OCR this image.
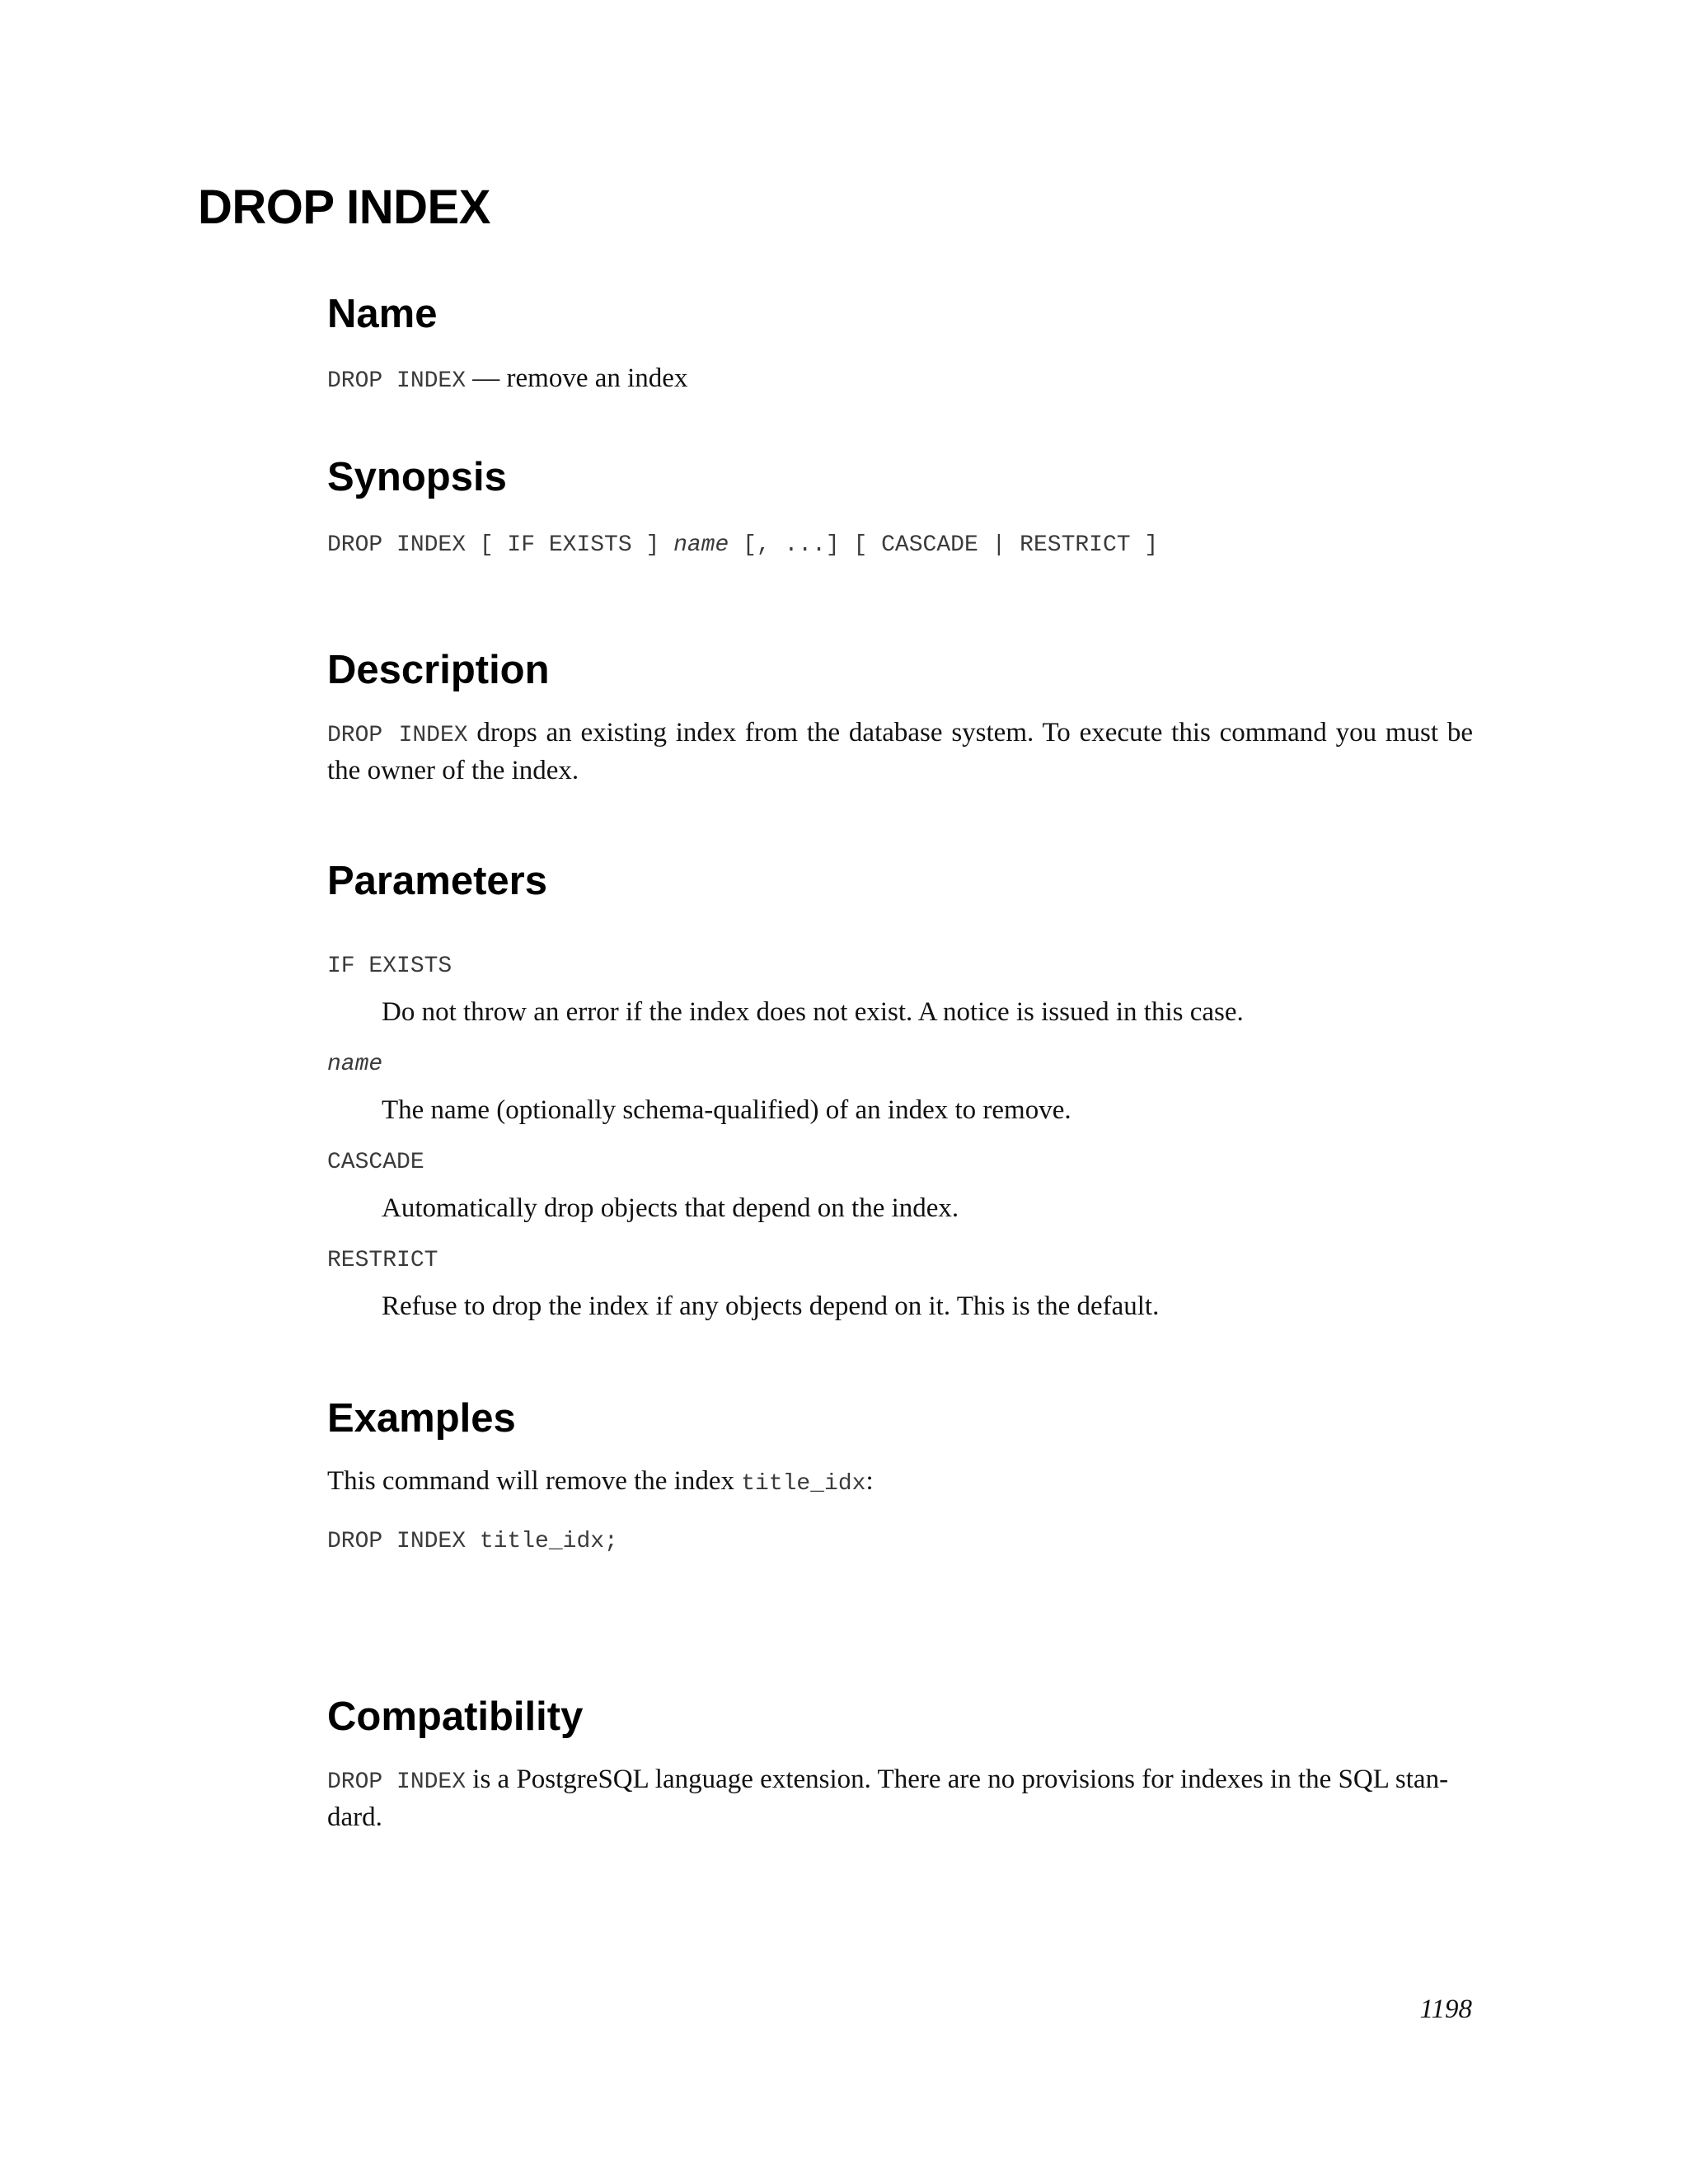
DROP INDEX
Name

DROP INDEX — remove an index

Synopsis

DROP INDEX [ IF EXISTS ] name [, ...] [ CASCADE | RESTRICT ]

Description

DROP INDEX drops an existing index from the database system. To execute this command you must be the owner of the index.

Parameters
IF EXISTS
Do not throw an error if the index does not exist. A notice is issued in this case.
name
The name (optionally schema-qualified) of an index to remove.
CASCADE
Automatically drop objects that depend on the index.
RESTRICT
Refuse to drop the index if any objects depend on it. This is the default.
Examples

This command will remove the index title_idx:

DROP INDEX title_idx;

Compatibility

DROP INDEX is a PostgreSQL language extension. There are no provisions for indexes in the SQL stan-
dard.

1198
